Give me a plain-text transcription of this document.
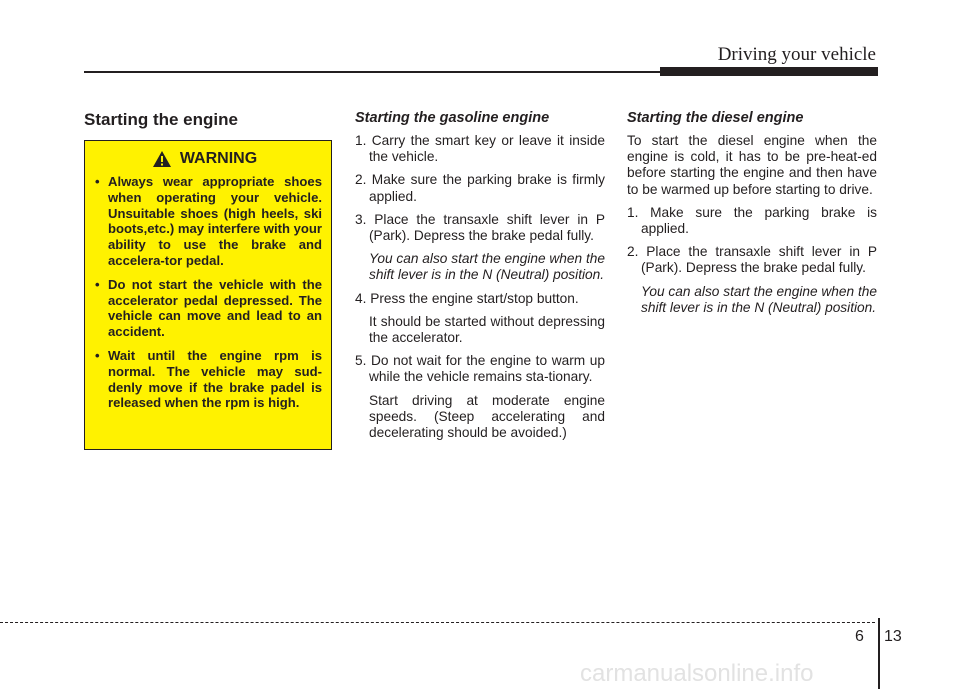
Driving your vehicle
Starting the engine
WARNING
• Always wear appropriate shoes when operating your vehicle. Unsuitable shoes (high heels, ski boots,etc.) may interfere with your ability to use the brake and accelera-tor pedal.
• Do not start the vehicle with the accelerator pedal depressed. The vehicle can move and lead to an accident.
• Wait until the engine rpm is normal. The vehicle may sud-denly move if the brake padel is released when the rpm is high.
Starting the gasoline engine

1. Carry the smart key or leave it inside the vehicle.

2. Make sure the parking brake is firmly applied.

3. Place the transaxle shift lever in P (Park). Depress the brake pedal fully.

You can also start the engine when the shift lever is in the N (Neutral) position.

4. Press the engine start/stop button.

It should be started without depressing the accelerator.

5. Do not wait for the engine to warm up while the vehicle remains sta-tionary.

Start driving at moderate engine speeds. (Steep accelerating and decelerating should be avoided.)

Starting the diesel engine

To start the diesel engine when the engine is cold, it has to be pre-heat-ed before starting the engine and then have to be warmed up before starting to drive.

1. Make sure the parking brake is applied.

2. Place the transaxle shift lever in P (Park). Depress the brake pedal fully.

You can also start the engine when the shift lever is in the N (Neutral) position.

6 13
carmanualsonline.info
